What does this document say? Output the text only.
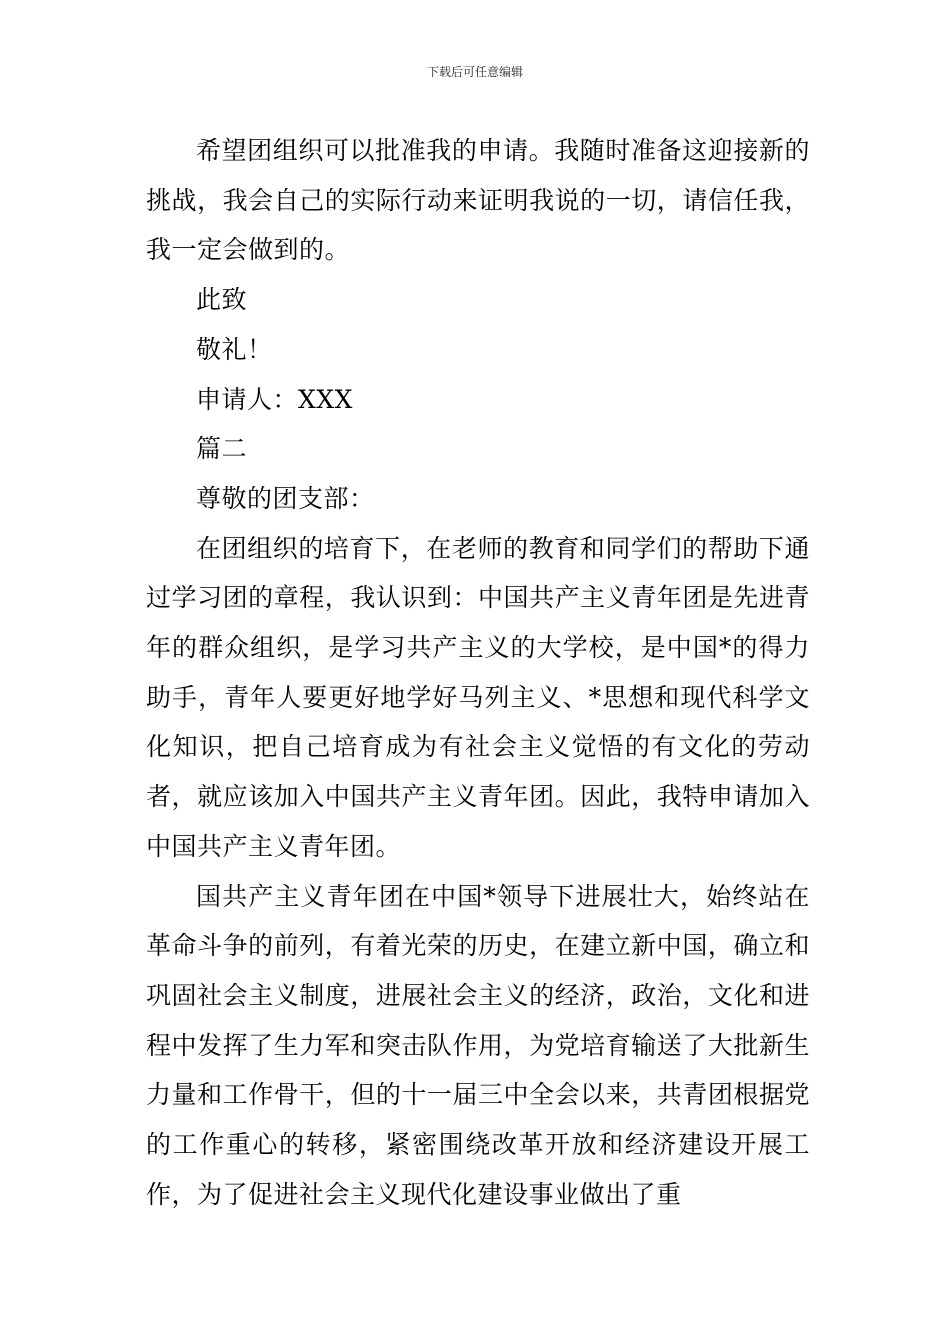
下载后可任意编辑

希望团组织可以批准我的申请。我随时准备这迎接新的挑战，我会自己的实际行动来证明我说的一切，请信任我，我一定会做到的。

此致

敬礼！

申请人：XXX

篇二

尊敬的团支部：

在团组织的培育下，在老师的教育和同学们的帮助下通过学习团的章程，我认识到：中国共产主义青年团是先进青年的群众组织，是学习共产主义的大学校，是中国*的得力助手，青年人要更好地学好马列主义、*思想和现代科学文化知识，把自己培育成为有社会主义觉悟的有文化的劳动者，就应该加入中国共产主义青年团。因此，我特申请加入中国共产主义青年团。

国共产主义青年团在中国*领导下进展壮大，始终站在革命斗争的前列，有着光荣的历史，在建立新中国，确立和巩固社会主义制度，进展社会主义的经济，政治，文化和进程中发挥了生力军和突击队作用，为党培育输送了大批新生力量和工作骨干，但的十一届三中全会以来，共青团根据党的工作重心的转移，紧密围绕改革开放和经济建设开展工作，为了促进社会主义现代化建设事业做出了重
